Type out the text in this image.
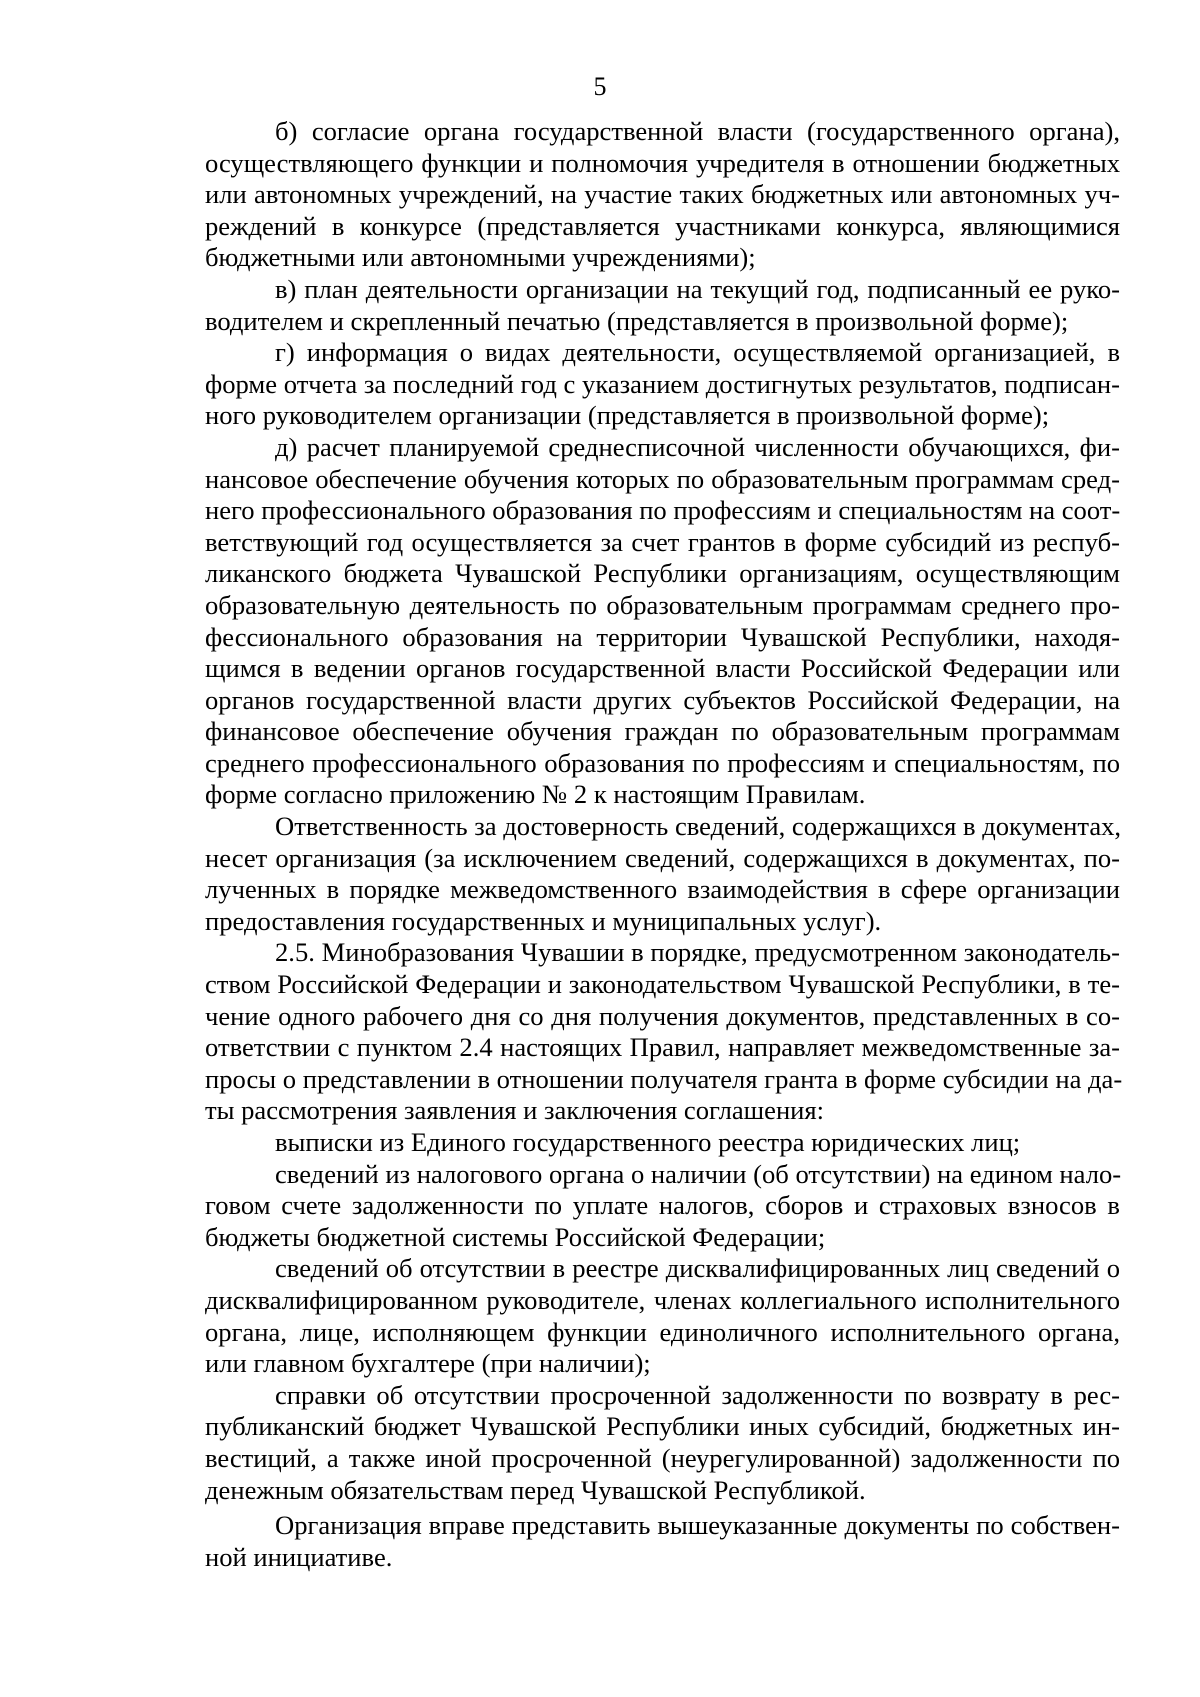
5
б) согласие органа государственной власти (государственного органа),
осуществляющего функции и полномочия учредителя в отношении бюджетных
или автономных учреждений, на участие таких бюджетных или автономных уч-
реждений в конкурсе (представляется участниками конкурса, являющимися
бюджетными или автономными учреждениями);
в) план деятельности организации на текущий год, подписанный ее руко-
водителем и скрепленный печатью (представляется в произвольной форме);
г) информация о видах деятельности, осуществляемой организацией, в
форме отчета за последний год с указанием достигнутых результатов, подписан-
ного руководителем организации (представляется в произвольной форме);
д) расчет планируемой среднесписочной численности обучающихся, фи-
нансовое обеспечение обучения которых по образовательным программам сред-
него профессионального образования по профессиям и специальностям на соот-
ветствующий год осуществляется за счет грантов в форме субсидий из респуб-
ликанского бюджета Чувашской Республики организациям, осуществляющим
образовательную деятельность по образовательным программам среднего про-
фессионального образования на территории Чувашской Республики, находя-
щимся в ведении органов государственной власти Российской Федерации или
органов государственной власти других субъектов Российской Федерации, на
финансовое обеспечение обучения граждан по образовательным программам
среднего профессионального образования по профессиям и специальностям, по
форме согласно приложению № 2 к настоящим Правилам.
Ответственность за достоверность сведений, содержащихся в документах,
несет организация (за исключением сведений, содержащихся в документах, по-
лученных в порядке межведомственного взаимодействия в сфере организации
предоставления государственных и муниципальных услуг).
2.5. Минобразования Чувашии в порядке, предусмотренном законодатель-
ством Российской Федерации и законодательством Чувашской Республики, в те-
чение одного рабочего дня со дня получения документов, представленных в со-
ответствии с пунктом 2.4 настоящих Правил, направляет межведомственные за-
просы о представлении в отношении получателя гранта в форме субсидии на да-
ты рассмотрения заявления и заключения соглашения:
выписки из Единого государственного реестра юридических лиц;
сведений из налогового органа о наличии (об отсутствии) на едином нало-
говом счете задолженности по уплате налогов, сборов и страховых взносов в
бюджеты бюджетной системы Российской Федерации;
сведений об отсутствии в реестре дисквалифицированных лиц сведений о
дисквалифицированном руководителе, членах коллегиального исполнительного
органа, лице, исполняющем функции единоличного исполнительного органа,
или главном бухгалтере (при наличии);
справки об отсутствии просроченной задолженности по возврату в рес-
публиканский бюджет Чувашской Республики иных субсидий, бюджетных ин-
вестиций, а также иной просроченной (неурегулированной) задолженности по
денежным обязательствам перед Чувашской Республикой.
Организация вправе представить вышеуказанные документы по собствен-
ной инициативе.
